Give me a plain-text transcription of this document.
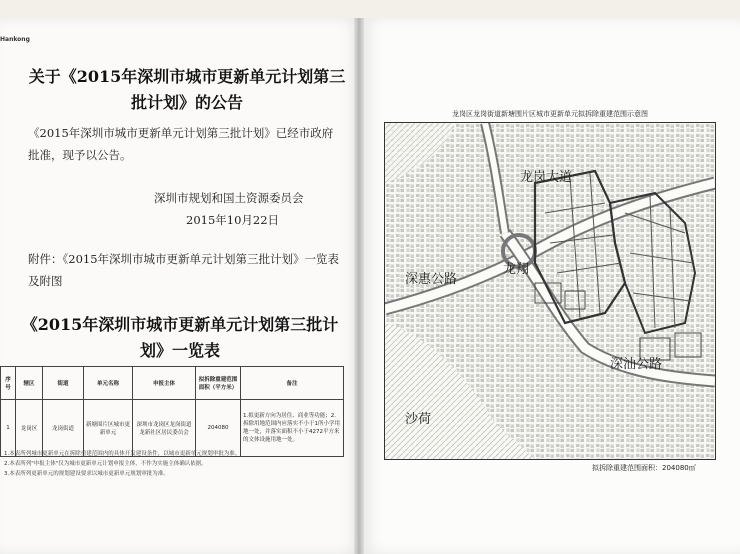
Hankong
关于《2015年深圳市城市更新单元计划第三批计划》的公告
《2015年深圳市城市更新单元计划第三批计划》已经市政府批准，现予以公告。
深圳市规划和国土资源委员会
2015年10月22日
附件：《2015年深圳市城市更新单元计划第三批计划》一览表及附图
《2015年深圳市城市更新单元计划第三批计划》一览表
序号	辖区	街道	单元名称	申报主体	拟拆除重建范围面积（平方米）	备注
1	龙岗区	龙岗街道	新塘围片区城市更新单元	深圳市龙岗区龙岗街道龙新社区居民委员会	204080	1.拟更新方向为居住、商业等功能；2.拆除用地范围内应落实不小于1所小学用地一处，并落实面积不小于4272平方米的文体设施用地一处。
1.本表所列城市更新单元在拆除重建范围内的具体开发建设条件，以城市更新单元规划审批为准。
2.本表所列"申报主体"仅为城市更新单元计划申报主体，不作为实施主体确认依据。
3.本表所列更新单元的规划建设要求以城市更新单元规划审批为准。
龙岗区龙岗街道新塘围片区城市更新单元拟拆除重建范围示意图
深惠公路
龙岗大道
深汕公路
龙翔
沙荷
拟拆除重建范围面积：204080㎡
